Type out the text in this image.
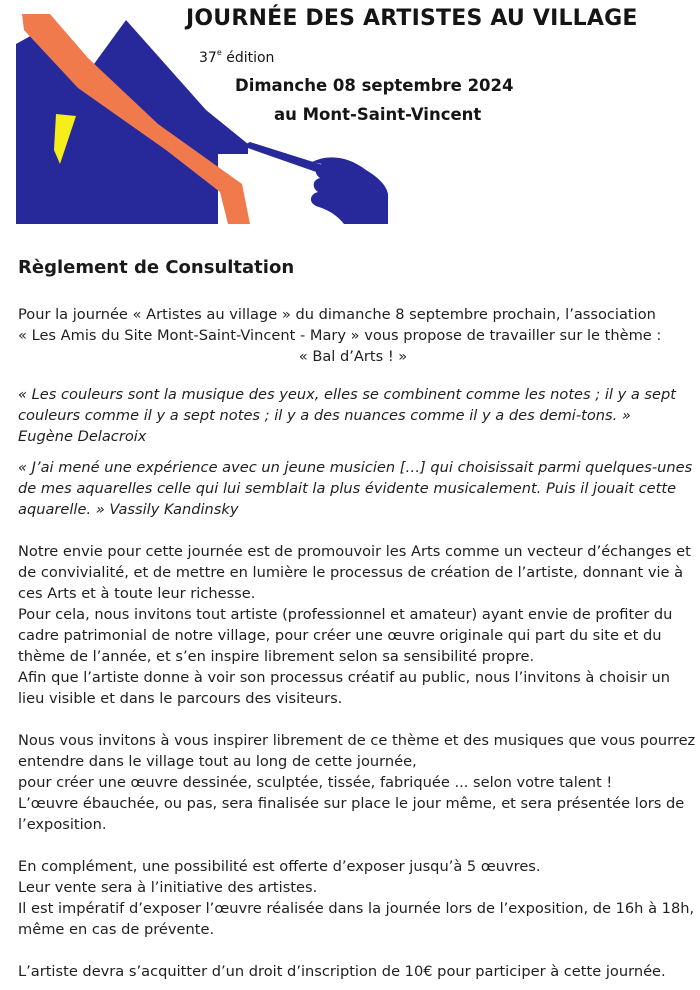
JOURNÉE DES ARTISTES AU VILLAGE
37e édition
Dimanche 08 septembre 2024
au Mont-Saint-Vincent
Règlement de Consultation

Pour la journée « Artistes au village » du dimanche 8 septembre prochain, l’association
« Les Amis du Site Mont-Saint-Vincent - Mary » vous propose de travailler sur le thème :
« Bal d’Arts ! »

« Les couleurs sont la musique des yeux, elles se combinent comme les notes ; il y a sept
couleurs comme il y a sept notes ; il y a des nuances comme il y a des demi-tons. »
Eugène Delacroix

« J’ai mené une expérience avec un jeune musicien […] qui choisissait parmi quelques-unes
de mes aquarelles celle qui lui semblait la plus évidente musicalement. Puis il jouait cette
aquarelle. » Vassily Kandinsky

Notre envie pour cette journée est de promouvoir les Arts comme un vecteur d’échanges et
de convivialité, et de mettre en lumière le processus de création de l’artiste, donnant vie à
ces Arts et à toute leur richesse.
Pour cela, nous invitons tout artiste (professionnel et amateur) ayant envie de profiter du
cadre patrimonial de notre village, pour créer une œuvre originale qui part du site et du
thème de l’année, et s’en inspire librement selon sa sensibilité propre.
Afin que l’artiste donne à voir son processus créatif au public, nous l’invitons à choisir un
lieu visible et dans le parcours des visiteurs.

Nous vous invitons à vous inspirer librement de ce thème et des musiques que vous pourrez
entendre dans le village tout au long de cette journée,
pour créer une œuvre dessinée, sculptée, tissée, fabriquée ... selon votre talent !
L’œuvre ébauchée, ou pas, sera finalisée sur place le jour même, et sera présentée lors de
l’exposition.

En complément, une possibilité est offerte d’exposer jusqu’à 5 œuvres.
Leur vente sera à l’initiative des artistes.
Il est impératif d’exposer l’œuvre réalisée dans la journée lors de l’exposition, de 16h à 18h,
même en cas de prévente.

L’artiste devra s’acquitter d’un droit d’inscription de 10€ pour participer à cette journée.
